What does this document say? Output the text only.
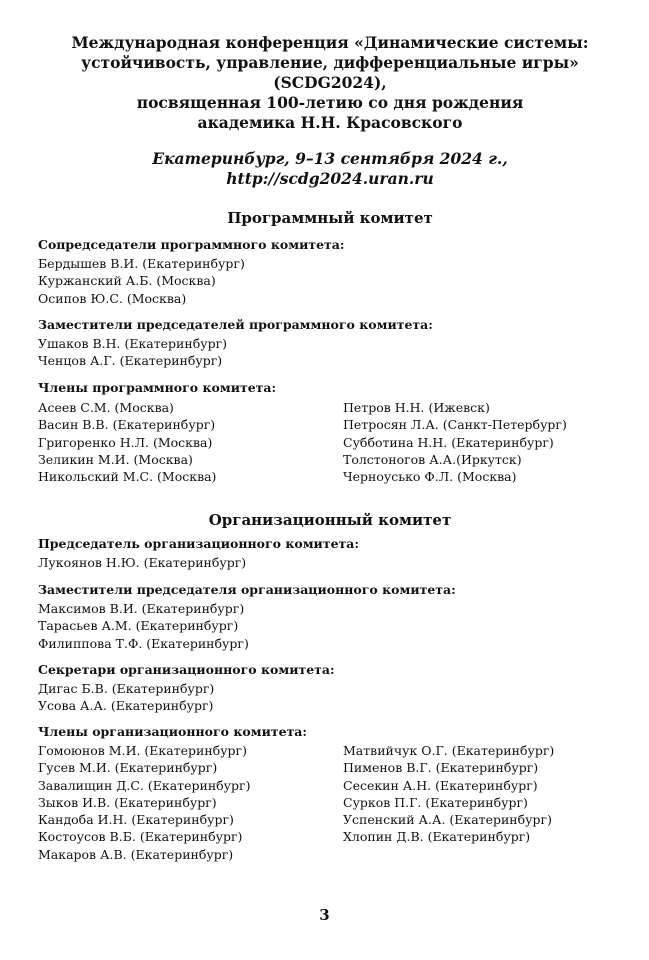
Международная конференция «Динамические системы:
устойчивость, управление, дифференциальные игры»
(SCDG2024),
посвященная 100-летию со дня рождения
академика Н.Н. Красовского
Екатеринбург, 9–13 сентября 2024 г.,
http://scdg2024.uran.ru
Программный комитет
Сопредседатели программного комитета:
Бердышев В.И. (Екатеринбург)
Куржанский А.Б. (Москва)
Осипов Ю.С. (Москва)
Заместители председателей программного комитета:
Ушаков В.Н. (Екатеринбург)
Ченцов А.Г. (Екатеринбург)
Члены программного комитета:
Асеев С.М. (Москва)
Васин В.В. (Екатеринбург)
Григоренко Н.Л. (Москва)
Зеликин М.И. (Москва)
Никольский М.С. (Москва)
Петров Н.Н. (Ижевск)
Петросян Л.А. (Санкт-Петербург)
Субботина Н.Н. (Екатеринбург)
Толстоногов А.А.(Иркутск)
Черноусько Ф.Л. (Москва)
Организационный комитет
Председатель организационного комитета:
Лукоянов Н.Ю. (Екатеринбург)
Заместители председателя организационного комитета:
Максимов В.И. (Екатеринбург)
Тарасьев А.М. (Екатеринбург)
Филиппова Т.Ф. (Екатеринбург)
Секретари организационного комитета:
Дигас Б.В. (Екатеринбург)
Усова А.А. (Екатеринбург)
Члены организационного комитета:
Гомоюнов М.И. (Екатеринбург)
Гусев М.И. (Екатеринбург)
Завалищин Д.С. (Екатеринбург)
Зыков И.В. (Екатеринбург)
Кандоба И.Н. (Екатеринбург)
Костоусов В.Б. (Екатеринбург)
Макаров А.В. (Екатеринбург)
Матвийчук О.Г. (Екатеринбург)
Пименов В.Г. (Екатеринбург)
Сесекин А.Н. (Екатеринбург)
Сурков П.Г. (Екатеринбург)
Успенский А.А. (Екатеринбург)
Хлопин Д.В. (Екатеринбург)
3
